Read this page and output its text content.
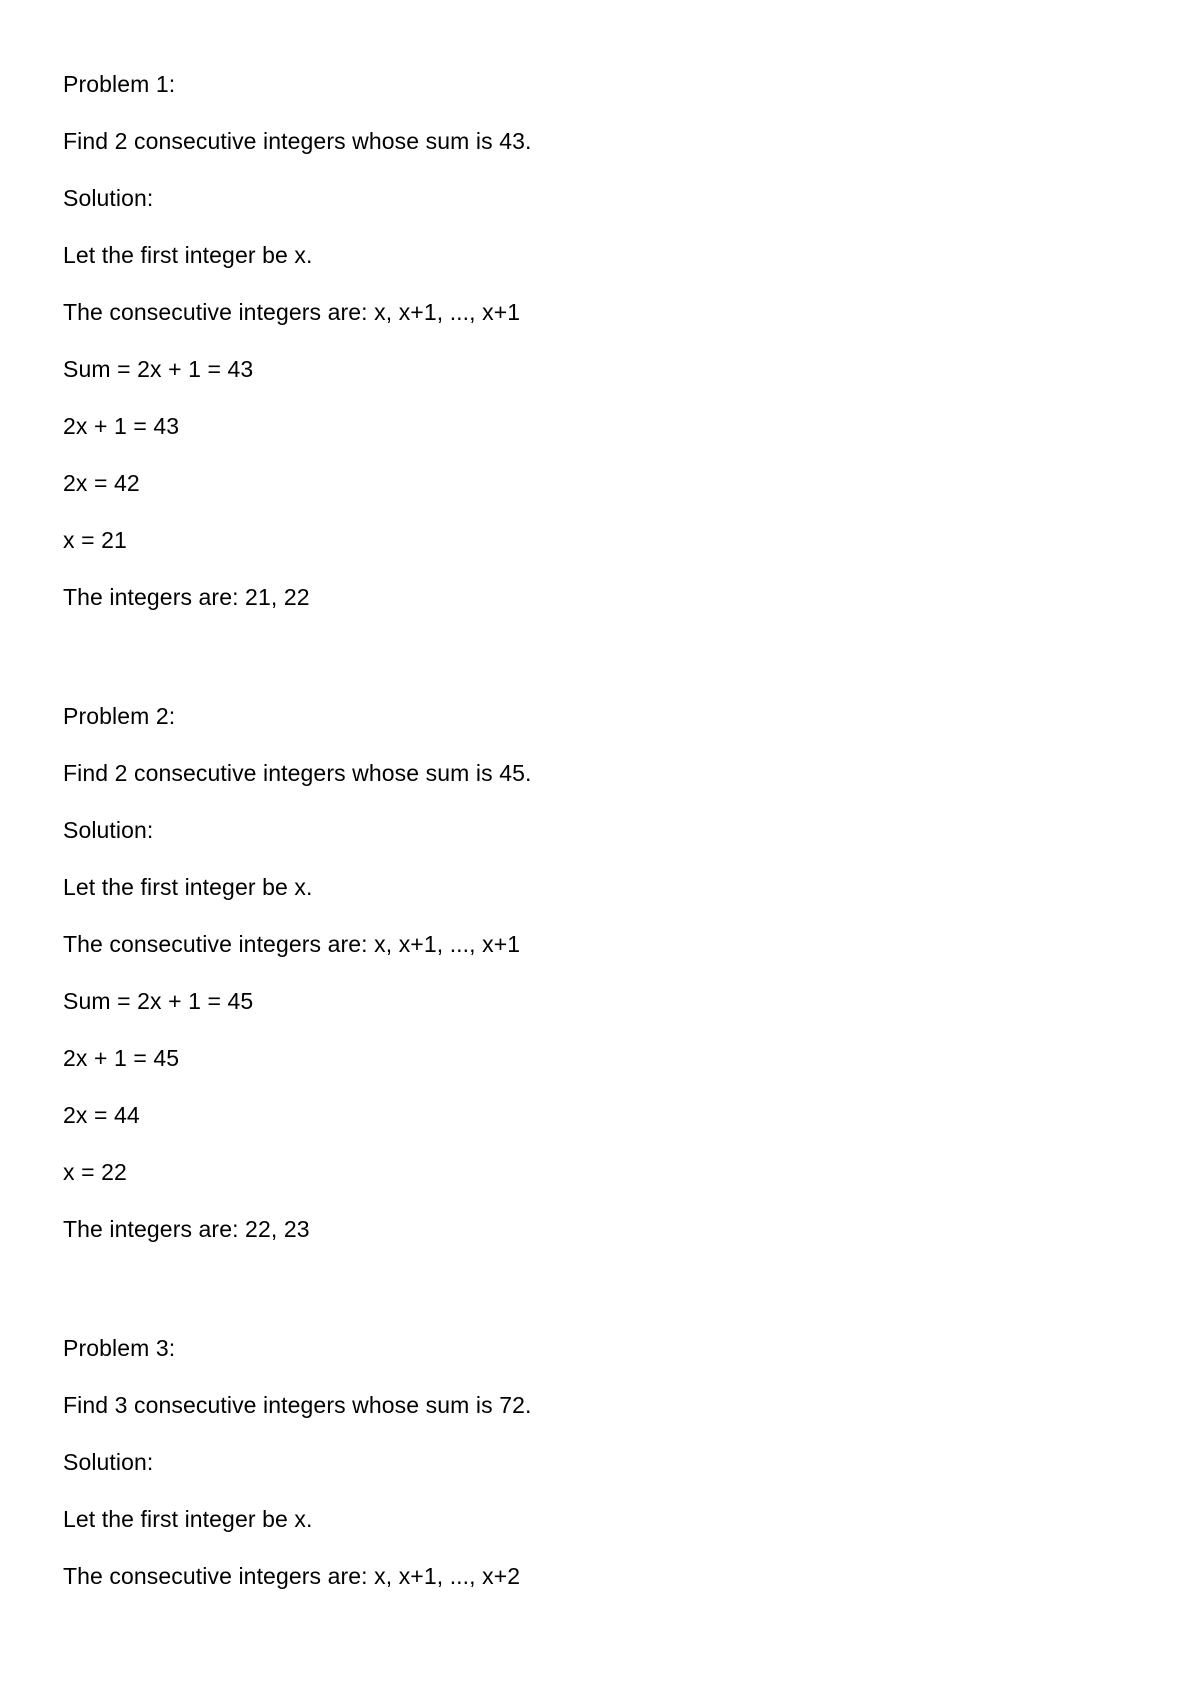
Problem 1:
Find 2 consecutive integers whose sum is 43.
Solution:
Let the first integer be x.
The consecutive integers are: x, x+1, ..., x+1
Sum = 2x + 1 = 43
2x + 1 = 43
2x = 42
x = 21
The integers are: 21, 22
Problem 2:
Find 2 consecutive integers whose sum is 45.
Solution:
Let the first integer be x.
The consecutive integers are: x, x+1, ..., x+1
Sum = 2x + 1 = 45
2x + 1 = 45
2x = 44
x = 22
The integers are: 22, 23
Problem 3:
Find 3 consecutive integers whose sum is 72.
Solution:
Let the first integer be x.
The consecutive integers are: x, x+1, ..., x+2
